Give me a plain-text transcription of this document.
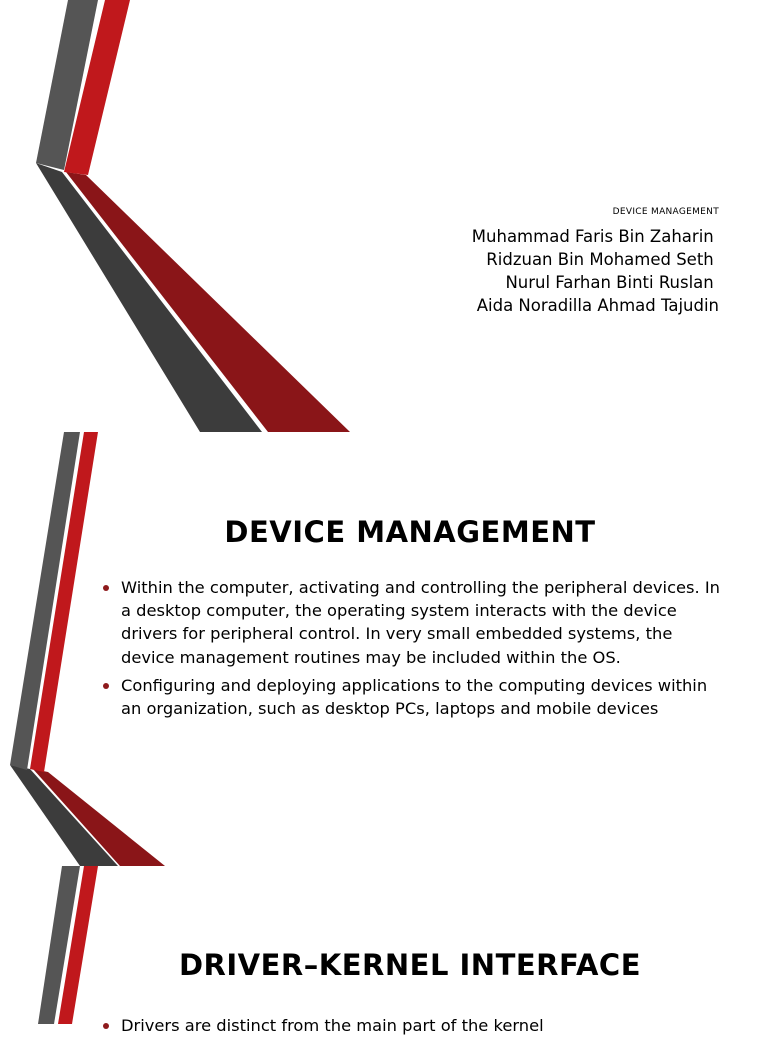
DEVICE MANAGEMENT
Muhammad Faris Bin Zaharin
Ridzuan Bin Mohamed Seth
Nurul Farhan Binti Ruslan
Aida Noradilla Ahmad Tajudin
DEVICE MANAGEMENT
Within the computer, activating and controlling the peripheral devices. In a desktop computer, the operating system interacts with the device drivers for peripheral control. In very small embedded systems, the device management routines may be included within the OS.
Configuring and deploying applications to the computing devices within an organization, such as desktop PCs, laptops and mobile devices
DRIVER–KERNEL INTERFACE
Drivers are distinct from the main part of the kernel
